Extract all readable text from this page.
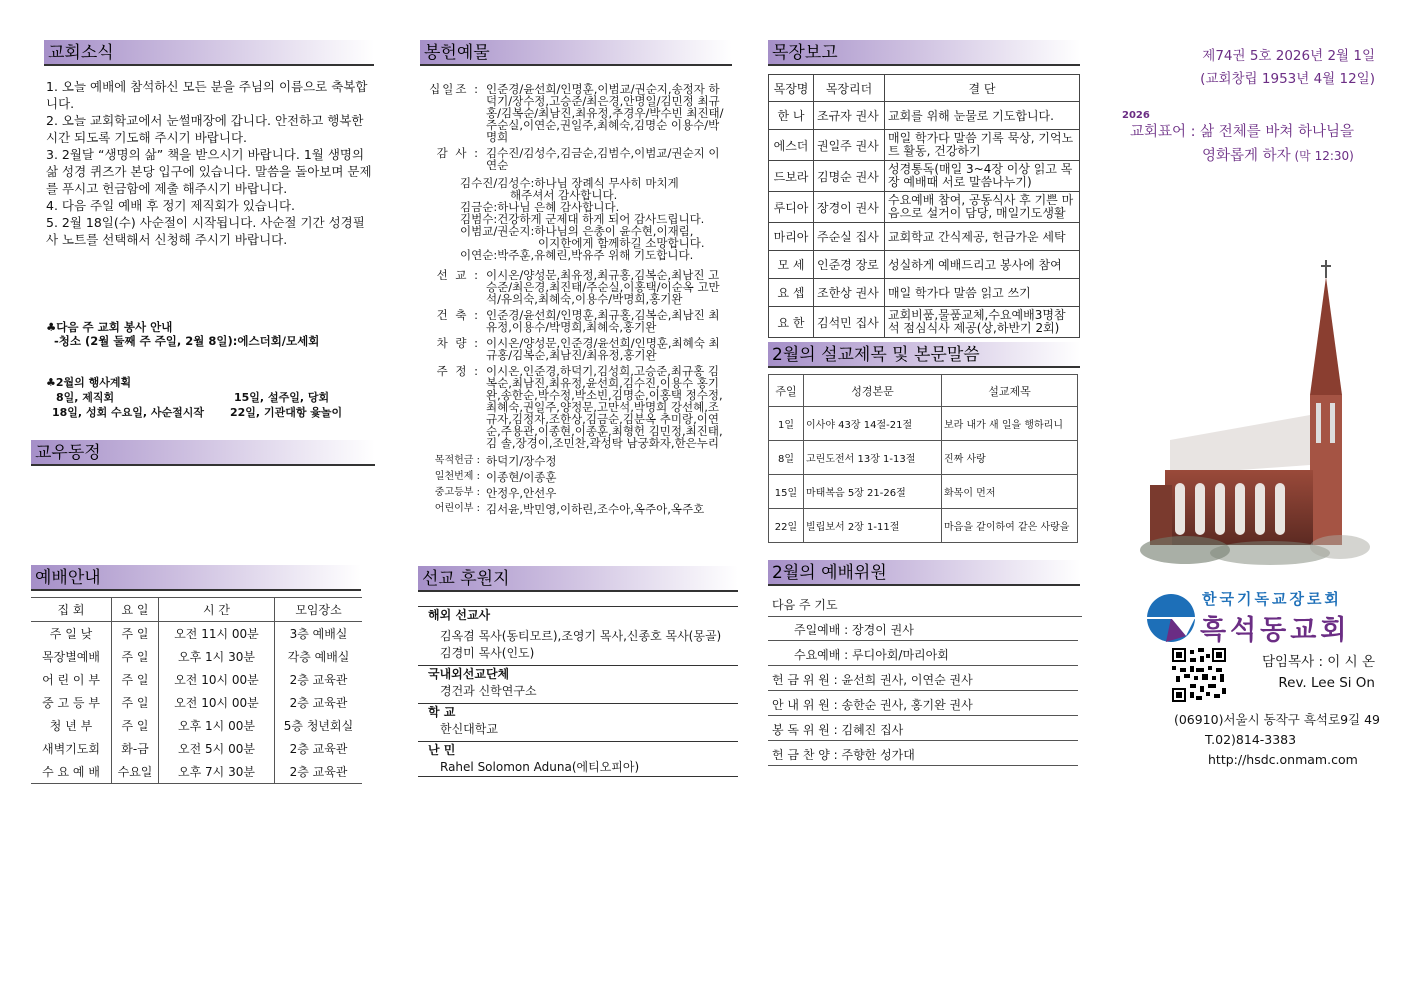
교회소식
1. 오늘 예배에 참석하신 모든 분을 주님의 이름으로 축복합니다.
2. 오늘 교회학교에서 눈썰매장에 갑니다. 안전하고 행복한 시간 되도록 기도해 주시기 바랍니다.
3. 2월달 “생명의 삶” 책을 받으시기 바랍니다. 1월 생명의 삶 성경 퀴즈가 본당 입구에 있습니다. 말씀을 돌아보며 문제를 푸시고 헌금함에 제출 해주시기 바랍니다.
4. 다음 주일 예배 후 정기 제직회가 있습니다.
5. 2월 18일(수) 사순절이 시작됩니다. 사순절 기간 성경필사 노트를 선택해서 신청해 주시기 바랍니다.
♣다음 주 교회 봉사 안내
-청소 (2월 둘째 주 주일, 2월 8일):에스더회/모세회
♣2월의 행사계획
8일, 제직회	15일, 설주일, 당회
18일, 성회 수요일, 사순절시작	22일, 기관대항 윷놀이
교우동정
예배안내
집 회	요 일	시 간	모임장소
주 일 낮	주 일	오전 11시 00분	3층 예배실
목장별예배	주 일	오후 1시 30분	각층 예배실
어 린 이 부	주 일	오전 10시 00분	2층 교육관
중 고 등 부	주 일	오전 10시 00분	2층 교육관
청 년 부	주 일	오후 1시 00분	5층 청년회실
새벽기도회	화-금	오전 5시 00분	2층 교육관
수 요 예 배	수요일	오후 7시 30분	2층 교육관
봉헌예물
십일조 : 인준경/윤선희/인명훈,이범교/권순지,송정자 하덕기/장수정,고승준/최은경,안명일/김민정 최규홍/김복순/최남진,최유정,추경우/박수빈 최진태/주순실,이연순,권일주,최혜숙,김명순 이용수/박명희
감 사 : 김수진/김성수,김금순,김범수,이범교/권순지 이연순
김수진/김성수:하나님 장례식 무사히 마치게
해주셔서 감사합니다.
김금순:하나님 은혜 감사합니다.
김범수:건강하게 군제대 하게 되어 감사드립니다.
이범교/권순지:하나님의 은총이 윤수현,이재림,
이지한에게 함께하길 소망합니다.
이연순:박주훈,유혜린,박유주 위해 기도합니다.
선 교 : 이시온/양성문,최유정,최규홍,김복순,최남진 고승준/최은경,최진태/주순실,이홍택/이순옥 고만석/유의숙,최혜숙,이용수/박명희,홍기완
건 축 : 인준경/윤선희/인명훈,최규홍,김복순,최남진 최유정,이용수/박명희,최혜숙,홍기완
차 량 : 이시온/양성문,인준경/윤선희/인명훈,최혜숙 최규홍/김복순,최남진/최유정,홍기완
주 정 : 이시온,인준경,하덕기,김성희,고승준,최규홍 김복순,최남진,최유정,윤선희,김수진,이용수 홍기완,송한순,박수정,박소빈,김명순,이홍택 정수정,최혜숙,권일주,양정문,고만석,박명희 강선혜,조규자,김정자,조한상,김금순,김분옥 추미랑,이연순,주용관,이종현,이종훈,최형헌 김민정,최진태,김 솔,장경이,조민찬,곽성탁 남궁화자,한은누리
목적헌금 : 하덕기/장수정
일천번제 : 이종현/이종훈
중고등부 : 안정우,안선우
어린이부 : 김서윤,박민영,이하린,조수아,옥주아,옥주호
선교 후원지
해외 선교사
김옥겸 목사(동티모르),조영기 목사,신종호 목사(몽골)
김경미 목사(인도)
국내외선교단체
경건과 신학연구소
학 교
한신대학교
난 민
Rahel Solomon Aduna(에티오피아)
목장보고
목장명	목장리더	결 단
한 나	조규자 권사	교회를 위해 눈물로 기도합니다.
에스더	권일주 권사	매일 학가다 말씀 기록 묵상, 기억노트 활동, 건강하기
드보라	김명순 권사	성경통독(매일 3~4장 이상 읽고 목장 예배때 서로 말씀나누기)
루디아	장경이 권사	수요예배 참여, 공동식사 후 기쁜 마음으로 설거이 담당, 매일기도생활
마리아	주순실 집사	교회학교 간식제공, 헌금가운 세탁
모 세	인준경 장로	성실하게 예배드리고 봉사에 참여
요 셉	조한상 권사	매일 학가다 말씀 읽고 쓰기
요 한	김석민 집사	교회비품,물품교체,수요예배3명참석 점심식사 제공(상,하반기 2회)
2월의 설교제목 및 본문말씀
주일	성경본문	설교제목
1일	이사야 43장 14절-21절	보라 내가 새 일을 행하리니
8일	고린도전서 13장 1-13절	진짜 사랑
15일	마태복음 5장 21-26절	화목이 먼저
22일	빌립보서 2장 1-11절	마음을 같이하여 같은 사랑을
2월의 예배위원
다음 주 기도
주일예배 : 장경이 권사
수요예배 : 루디아회/마리아회
헌 금 위 원 : 윤선희 권사, 이연순 권사
안 내 위 원 : 송한순 권사, 홍기완 권사
봉 독 위 원 : 김혜진 집사
헌 금 찬 양 : 주향한 성가대
제74권 5호 2026년 2월 1일
(교회창립 1953년 4월 12일)
2026
교회표어 : 삶 전체를 바쳐 하나님을
영화롭게 하자 (막 12:30)
한국기독교장로회
흑석동교회
담임목사 : 이 시 온
Rev. Lee Si On
(06910)서울시 동작구 흑석로9길 49
T.02)814-3383
http://hsdc.onmam.com
